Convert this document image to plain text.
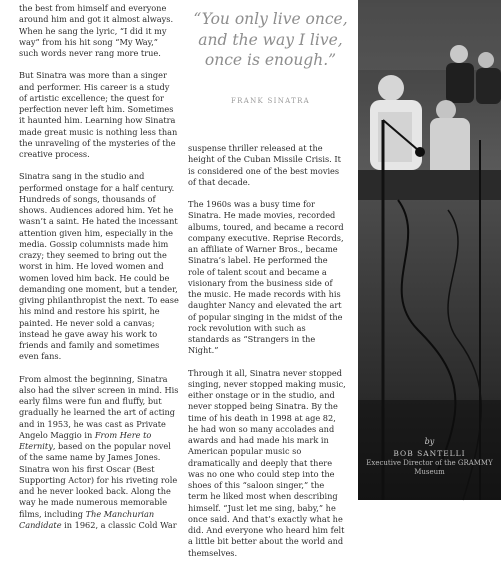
the best from himself and everyone around him and got it almost always. When he sang the lyric, “I did it my way” from his hit song “My Way,” such words never rang more true.

But Sinatra was more than a singer and performer. His career is a study of artistic excellence; the quest for perfection never left him. Sometimes it haunted him. Learning how Sinatra made great music is nothing less than the unraveling of the mysteries of the creative process.

Sinatra sang in the studio and performed onstage for a half century. Hundreds of songs, thousands of shows. Audiences adored him. Yet he wasn’t a saint. He hated the incessant attention given him, especially in the media. Gossip columnists made him crazy; they seemed to bring out the worst in him. He loved women and women loved him back. He could be demanding one moment, but a tender, giving philanthropist the next. To ease his mind and restore his spirit, he painted. He never sold a canvas; instead he gave away his work to friends and family and sometimes even fans.

From almost the beginning, Sinatra also had the silver screen in mind. His early films were fun and fluffy, but gradually he learned the art of acting and in 1953, he was cast as Private Angelo Maggio in From Here to Eternity, based on the popular novel of the same name by James Jones. Sinatra won his first Oscar (Best Supporting Actor) for his riveting role and he never looked back. Along the way he made numerous memorable films, including The Manchurian Candidate in 1962, a classic Cold War

“You only live once, and the way I live, once is enough.”
FRANK SINATRA

suspense thriller released at the height of the Cuban Missile Crisis. It is considered one of the best movies of that decade.

The 1960s was a busy time for Sinatra. He made movies, recorded albums, toured, and became a record company executive. Reprise Records, an affiliate of Warner Bros., became Sinatra’s label. He performed the role of talent scout and became a visionary from the business side of the music. He made records with his daughter Nancy and elevated the art of popular singing in the midst of the rock revolution with such as standards as “Strangers in the Night.”

Through it all, Sinatra never stopped singing, never stopped making music, either onstage or in the studio, and never stopped being Sinatra. By the time of his death in 1998 at age 82, he had won so many accolades and awards and had made his mark in American popular music so dramatically and deeply that there was no one who could step into the shoes of this “saloon singer,” the term he liked most when describing himself. “Just let me sing, baby,” he once said. And that’s exactly what he did. And everyone who heard him felt a little bit better about the world and themselves.

by
BOB SANTELLI
Executive Director of the GRAMMY Museum
